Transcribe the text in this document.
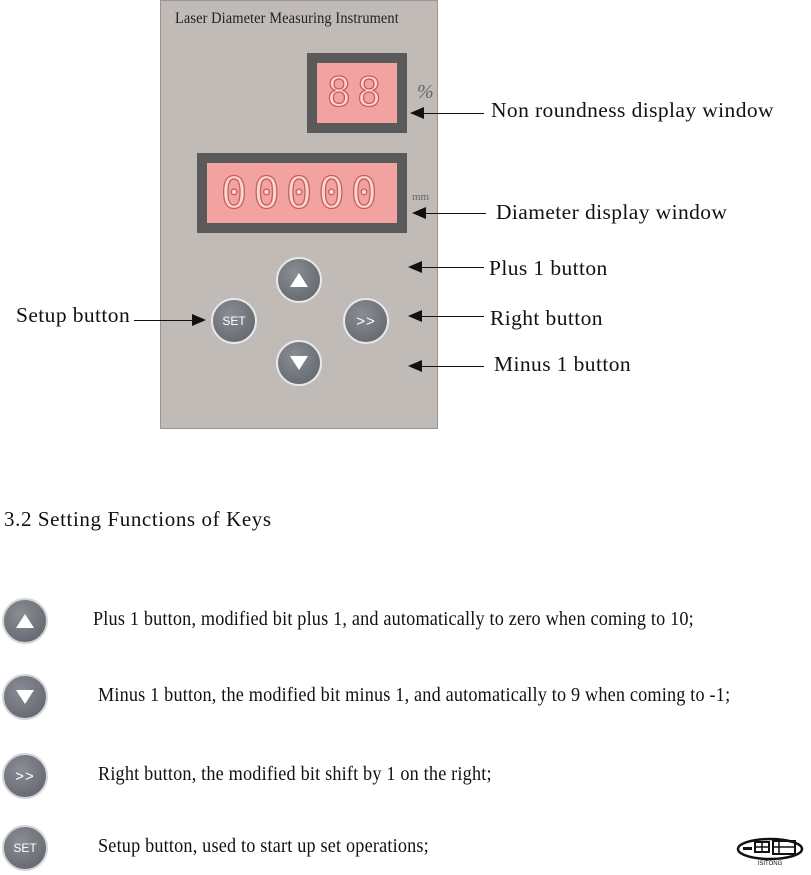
Laser Diameter Measuring Instrument
88	%
00000	mm
SET	>>
Non roundness display window
Diameter display window
Plus 1 button
Right button
Minus 1 button
Setup button
3.2 Setting Functions of Keys
Plus 1 button, modified bit plus 1, and automatically to zero when coming to 10;
Minus 1 button, the modified bit minus 1, and automatically to 9 when coming to -1;
>>	Right button, the modified bit shift by 1 on the right;
SET	Setup button, used to start up set operations;
ISITONG
